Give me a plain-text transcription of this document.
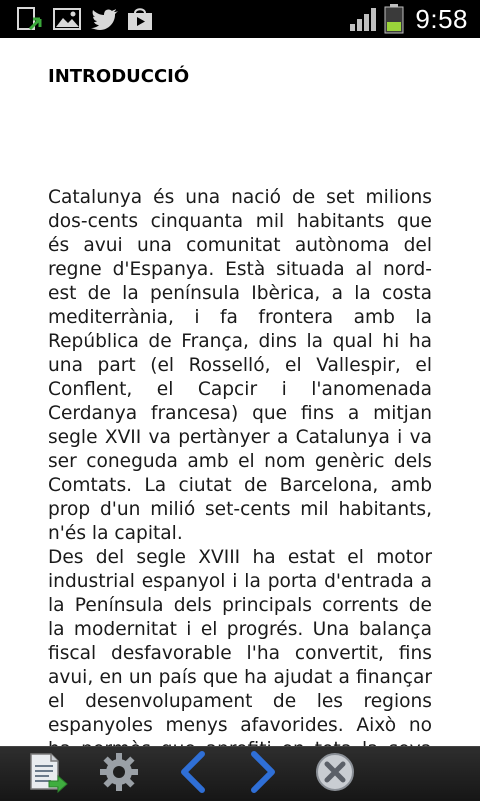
9:58
INTRODUCCIÓ

Catalunya és una nació de set milions dos-cents cinquanta mil habitants que és avui una comunitat autònoma del regne d'Espanya. Està situada al nord-est de la península Ibèrica, a la costa mediterrània, i fa frontera amb la República de França, dins la qual hi ha una part (el Rosselló, el Vallespir, el Conflent, el Capcir i l'anomenada Cerdanya francesa) que fins a mitjan segle XVII va pertànyer a Catalunya i va ser coneguda amb el nom genèric dels Comtats. La ciutat de Barcelona, amb prop d'un milió set-cents mil habitants, n'és la capital.

Des del segle XVIII ha estat el motor industrial espanyol i la porta d'entrada a la Península dels principals corrents de la modernitat i el progrés. Una balança fiscal desfavorable l'ha convertit, fins avui, en un país que ha ajudat a finançar el desenvolupament de les regions espanyoles menys afavorides. Això no
